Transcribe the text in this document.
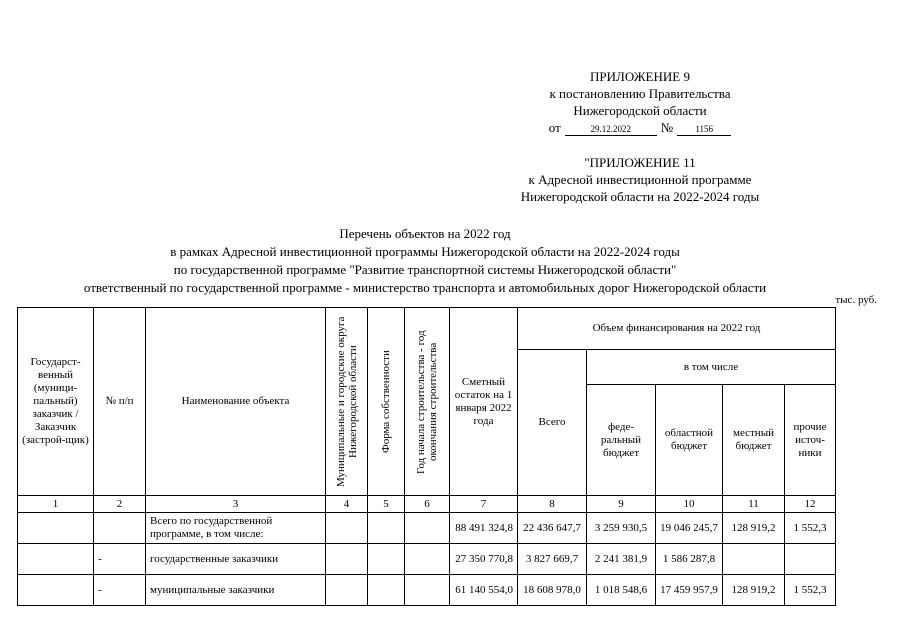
ПРИЛОЖЕНИЕ 9
к постановлению Правительства
Нижегородской области
от	29.12.2022	№	1156
"ПРИЛОЖЕНИЕ 11
к Адресной инвестиционной программе
Нижегородской области на 2022-2024 годы
Перечень объектов на 2022 год
в рамках Адресной инвестиционной программы Нижегородской области на 2022-2024 годы
по государственной программе "Развитие транспортной системы Нижегородской области"
ответственный по государственной программе - министерство транспорта и автомобильных дорог Нижегородской области
тыс. руб.
Государст-венный (муници-пальный) заказчик / Заказчик (застрой-щик)	№ п/п	Наименование объекта	Муниципальные и городские округа Нижегородской области	Форма собственности	Год начала строительства - год окончания строительства	Сметный остаток на 1 января 2022 года	Объем финансирования на 2022 год				
							Всего	в том числе			
								феде-ральный бюджет	областной бюджет	местный бюджет	прочие источ-ники
1	2	3	4	5	6	7	8	9	10	11	12
		Всего по государственной программе, в том числе:				88 491 324,8	22 436 647,7	3 259 930,5	19 046 245,7	128 919,2	1 552,3
	-	государственные заказчики				27 350 770,8	3 827 669,7	2 241 381,9	1 586 287,8		
	-	муниципальные заказчики				61 140 554,0	18 608 978,0	1 018 548,6	17 459 957,9	128 919,2	1 552,3
